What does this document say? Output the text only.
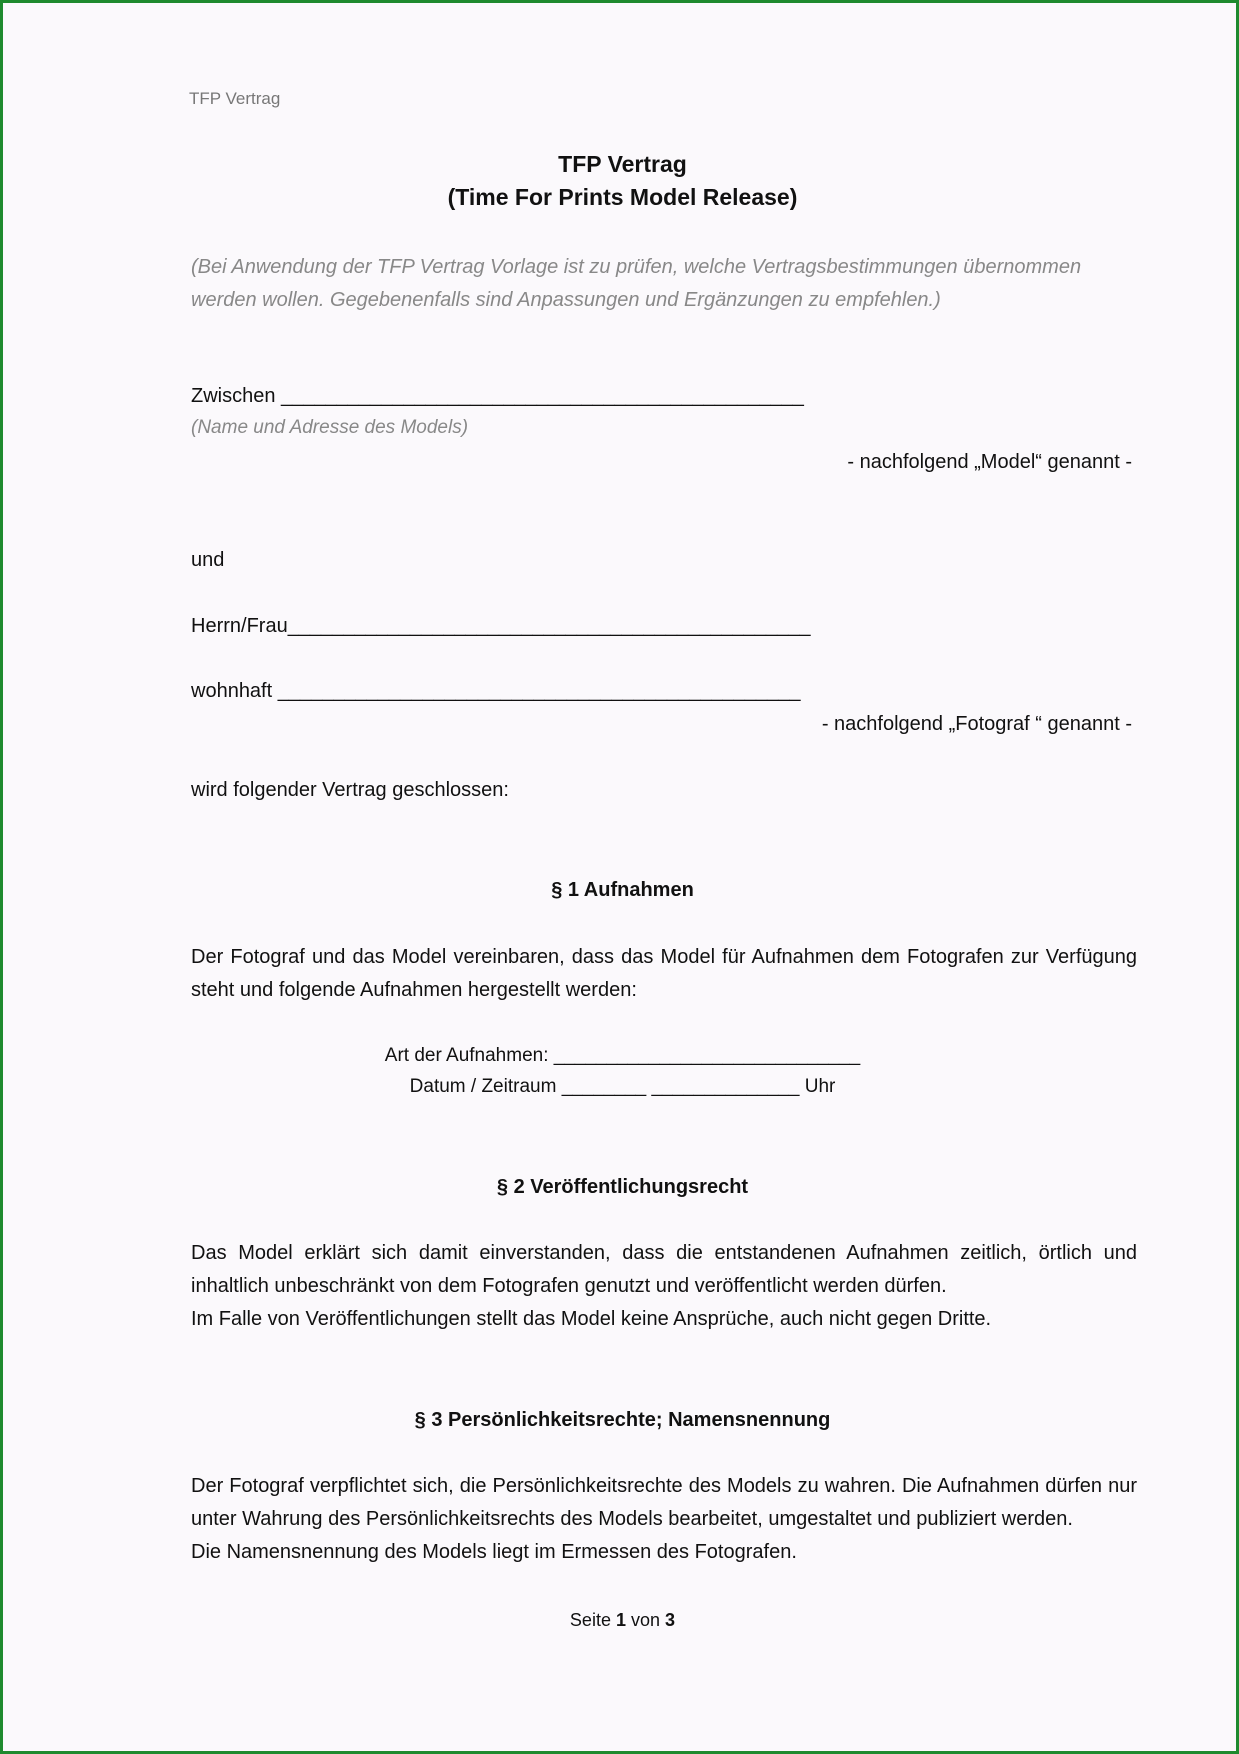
TFP Vertrag
TFP Vertrag
(Time For Prints Model Release)
(Bei Anwendung der TFP Vertrag Vorlage ist zu prüfen, welche Vertragsbestimmungen übernommen werden wollen. Gegebenenfalls sind Anpassungen und Ergänzungen zu empfehlen.)
Zwischen _______________________________________________
(Name und Adresse des Models)
- nachfolgend „Model“ genannt -
und
Herrn/Frau_______________________________________________
wohnhaft _______________________________________________
- nachfolgend „Fotograf “ genannt -
wird folgender Vertrag geschlossen:
§ 1 Aufnahmen
Der Fotograf und das Model vereinbaren, dass das Model für Aufnahmen dem Fotografen zur Verfügung steht und folgende Aufnahmen hergestellt werden:
Art der Aufnahmen: _____________________________
Datum / Zeitraum ________ ______________ Uhr
§ 2 Veröffentlichungsrecht

Das Model erklärt sich damit einverstanden, dass die entstandenen Aufnahmen zeitlich, örtlich und inhaltlich unbeschränkt von dem Fotografen genutzt und veröffentlicht werden dürfen.

Im Falle von Veröffentlichungen stellt das Model keine Ansprüche, auch nicht gegen Dritte.

§ 3 Persönlichkeitsrechte; Namensnennung

Der Fotograf verpflichtet sich, die Persönlichkeitsrechte des Models zu wahren. Die Aufnahmen dürfen nur unter Wahrung des Persönlichkeitsrechts des Models bearbeitet, umgestaltet und publiziert werden.

Die Namensnennung des Models liegt im Ermessen des Fotografen.

Seite 1 von 3
